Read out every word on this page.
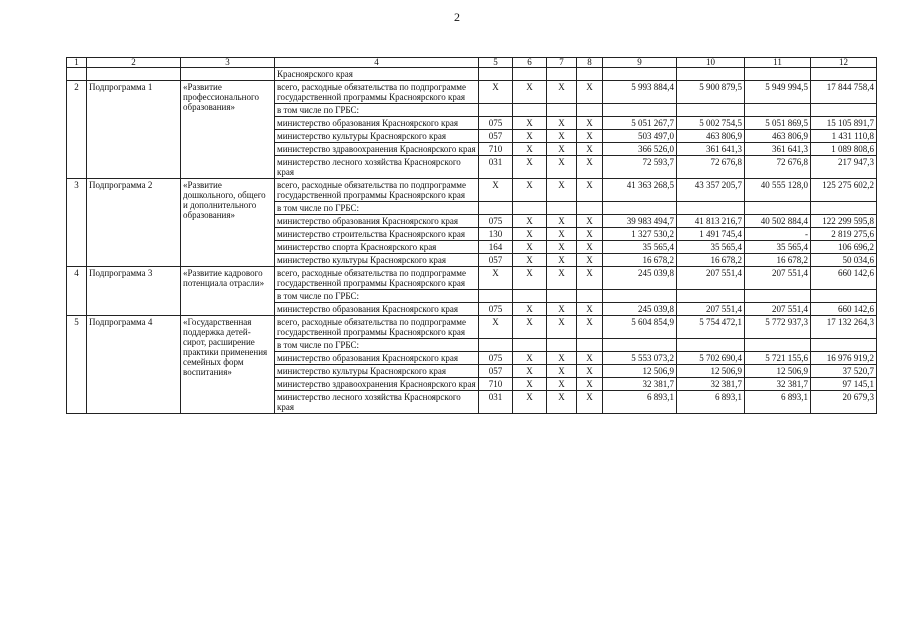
2
1	2	3	4	5	6	7	8	9	10	11	12
			Красноярского края								
2	Подпрограмма 1	«Развитие профессионального образования»	всего, расходные обязательства по подпрограмме государственной программы Красноярского края	X	X	X	X	5 993 884,4	5 900 879,5	5 949 994,5	17 844 758,4
			в том числе по ГРБС:								
			министерство образования Красноярского края	075	X	X	X	5 051 267,7	5 002 754,5	5 051 869,5	15 105 891,7
			министерство культуры Красноярского края	057	X	X	X	503 497,0	463 806,9	463 806,9	1 431 110,8
			министерство здравоохранения Красноярского края	710	X	X	X	366 526,0	361 641,3	361 641,3	1 089 808,6
			министерство лесного хозяйства Красноярского края	031	X	X	X	72 593,7	72 676,8	72 676,8	217 947,3
3	Подпрограмма 2	«Развитие дошкольного, общего и дополнительного образования»	всего, расходные обязательства по подпрограмме государственной программы Красноярского края	X	X	X	X	41 363 268,5	43 357 205,7	40 555 128,0	125 275 602,2
			в том числе по ГРБС:								
			министерство образования Красноярского края	075	X	X	X	39 983 494,7	41 813 216,7	40 502 884,4	122 299 595,8
			министерство строительства Красноярского края	130	X	X	X	1 327 530,2	1 491 745,4	-	2 819 275,6
			министерство спорта Красноярского края	164	X	X	X	35 565,4	35 565,4	35 565,4	106 696,2
			министерство культуры Красноярского края	057	X	X	X	16 678,2	16 678,2	16 678,2	50 034,6
4	Подпрограмма 3	«Развитие кадрового потенциала отрасли»	всего, расходные обязательства по подпрограмме государственной программы Красноярского края	X	X	X	X	245 039,8	207 551,4	207 551,4	660 142,6
			в том числе по ГРБС:								
			министерство образования Красноярского края	075	X	X	X	245 039,8	207 551,4	207 551,4	660 142,6
5	Подпрограмма 4	«Государственная поддержка детей-сирот, расширение практики применения семейных форм воспитания»	всего, расходные обязательства по подпрограмме государственной программы Красноярского края	X	X	X	X	5 604 854,9	5 754 472,1	5 772 937,3	17 132 264,3
			в том числе по ГРБС:								
			министерство образования Красноярского края	075	X	X	X	5 553 073,2	5 702 690,4	5 721 155,6	16 976 919,2
			министерство культуры Красноярского края	057	X	X	X	12 506,9	12 506,9	12 506,9	37 520,7
			министерство здравоохранения Красноярского края	710	X	X	X	32 381,7	32 381,7	32 381,7	97 145,1
			министерство лесного хозяйства Красноярского края	031	X	X	X	6 893,1	6 893,1	6 893,1	20 679,3
